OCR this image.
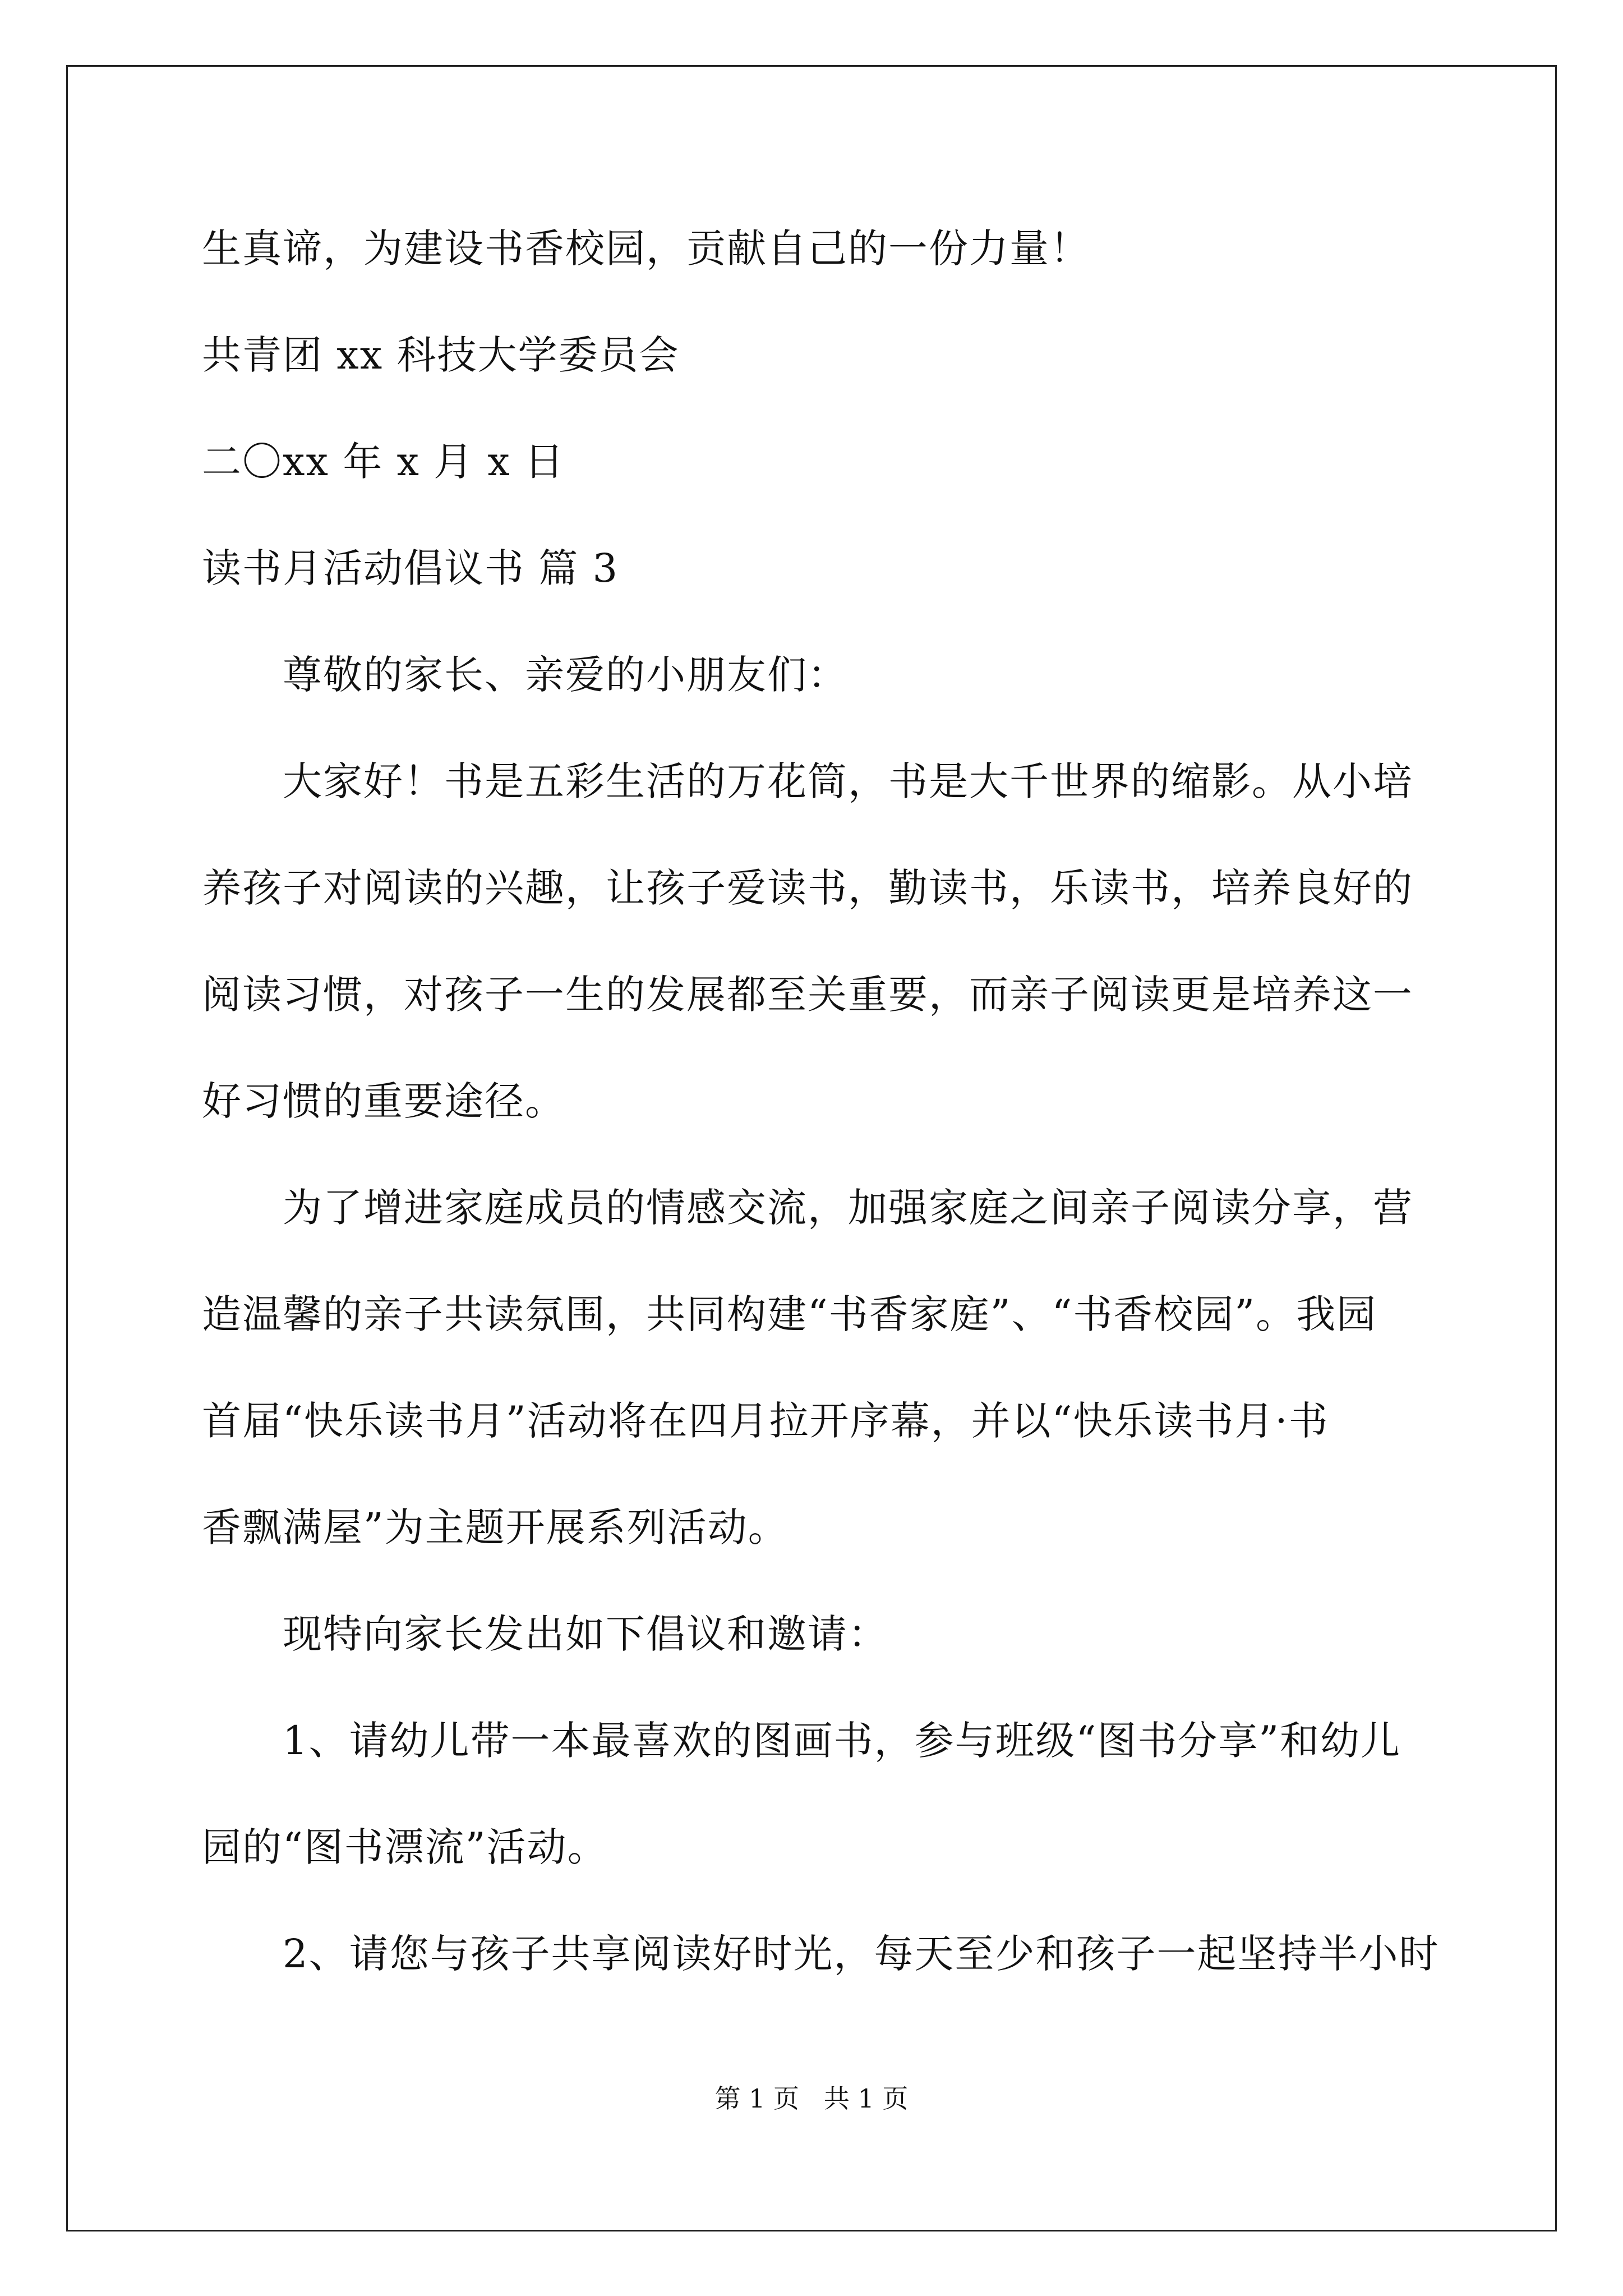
生真谛，为建设书香校园，贡献自己的一份力量！
共青团 xx 科技大学委员会
二〇xx 年 x 月 x 日
读书月活动倡议书 篇 3
尊敬的家长、亲爱的小朋友们：
大家好！书是五彩生活的万花筒，书是大千世界的缩影。从小培
养孩子对阅读的兴趣，让孩子爱读书，勤读书，乐读书，培养良好的
阅读习惯，对孩子一生的发展都至关重要，而亲子阅读更是培养这一
好习惯的重要途径。
为了增进家庭成员的情感交流，加强家庭之间亲子阅读分享，营
造温馨的亲子共读氛围，共同构建“书香家庭”、“书香校园”。我园
首届“快乐读书月”活动将在四月拉开序幕，并以“快乐读书月·书
香飘满屋”为主题开展系列活动。
现特向家长发出如下倡议和邀请：
1、请幼儿带一本最喜欢的图画书，参与班级“图书分享”和幼儿
园的“图书漂流”活动。
2、请您与孩子共享阅读好时光，每天至少和孩子一起坚持半小时
第 1 页   共 1 页
